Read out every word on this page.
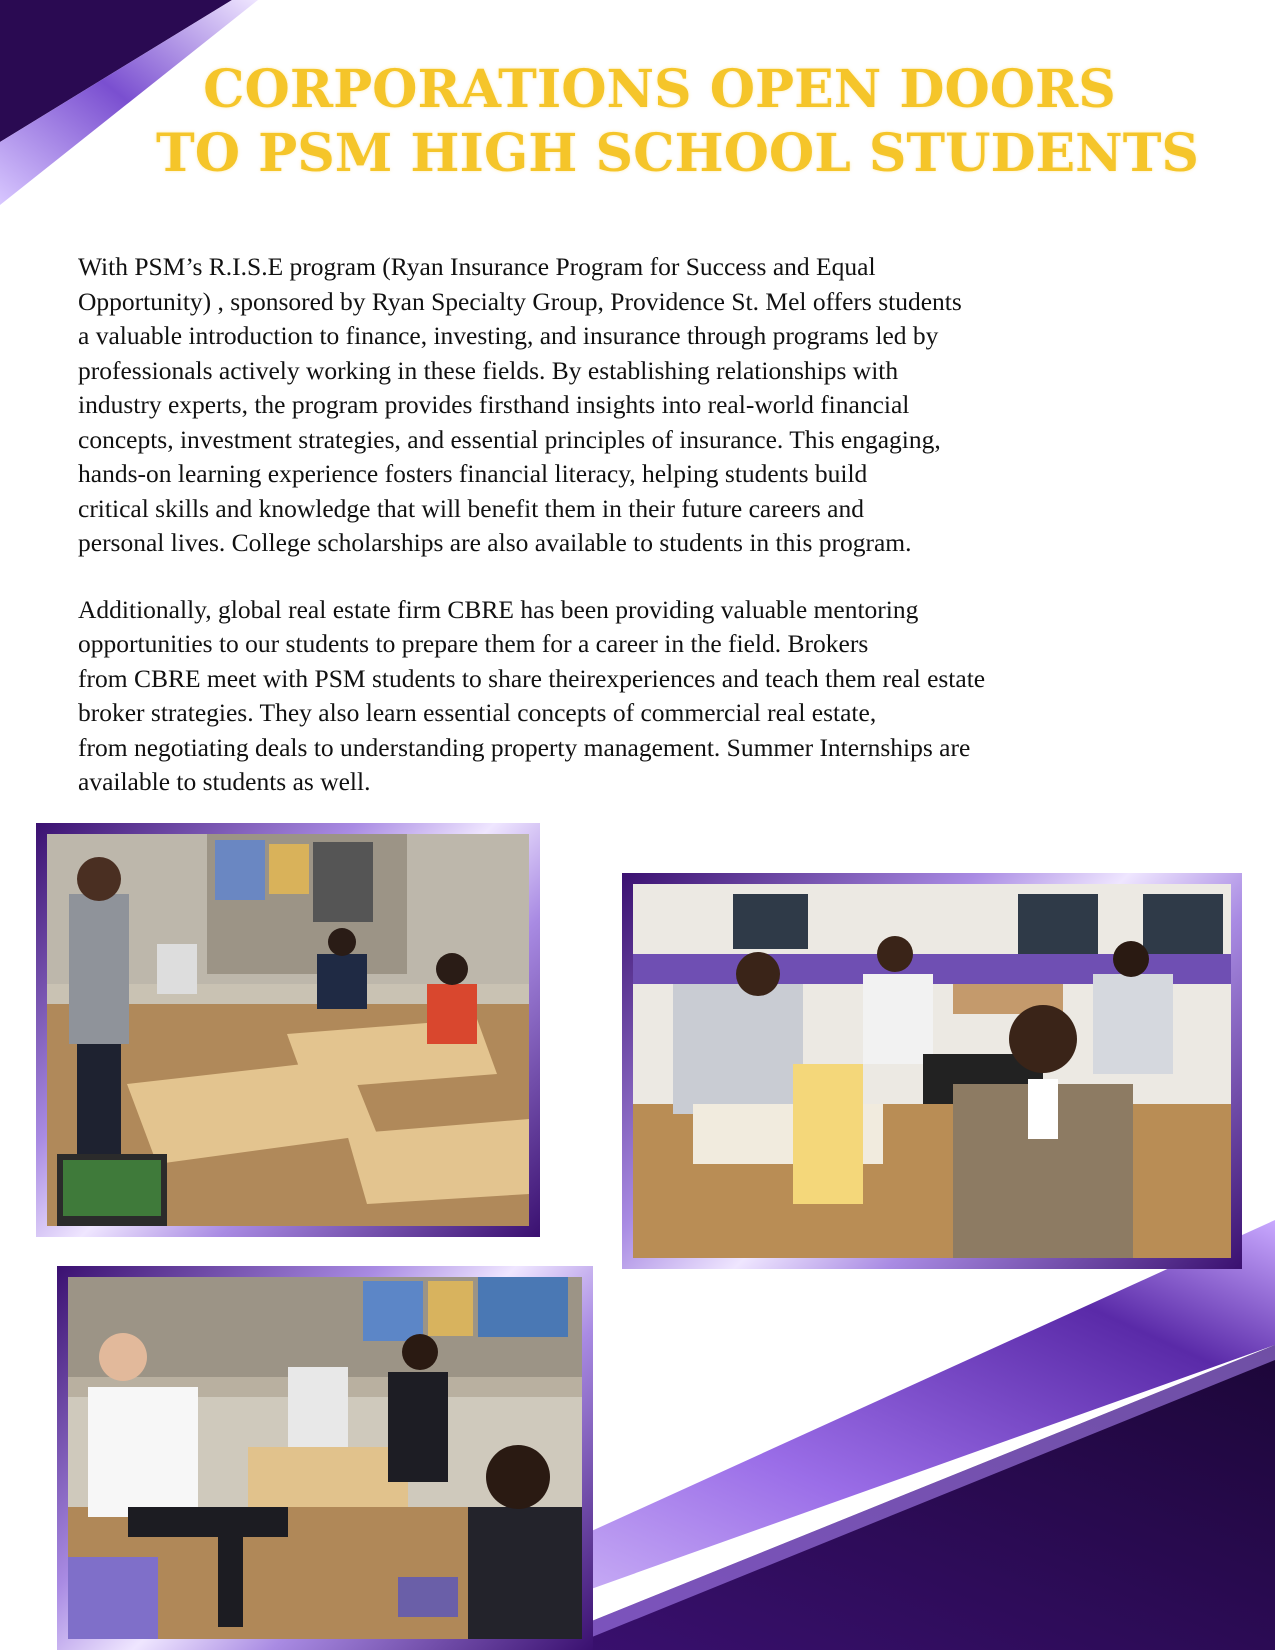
CORPORATIONS OPEN DOORS
TO PSM HIGH SCHOOL STUDENTS

With PSM’s R.I.S.E program (Ryan Insurance Program for Success and Equal
Opportunity) , sponsored by Ryan Specialty Group, Providence St. Mel offers students
a valuable introduction to finance, investing, and insurance through programs led by
professionals actively working in these fields. By establishing relationships with
industry experts, the program provides firsthand insights into real-world financial
concepts, investment strategies, and essential principles of insurance. This engaging,
hands-on learning experience fosters financial literacy, helping students build
critical skills and knowledge that will benefit them in their future careers and
personal lives. College scholarships are also available to students in this program.

Additionally, global real estate firm CBRE has been providing valuable mentoring
opportunities to our students to prepare them for a career in the field. Brokers
from CBRE meet with PSM students to share theirexperiences and teach them real estate
broker strategies. They also learn essential concepts of commercial real estate,
from negotiating deals to understanding property management. Summer Internships are
available to students as well.
